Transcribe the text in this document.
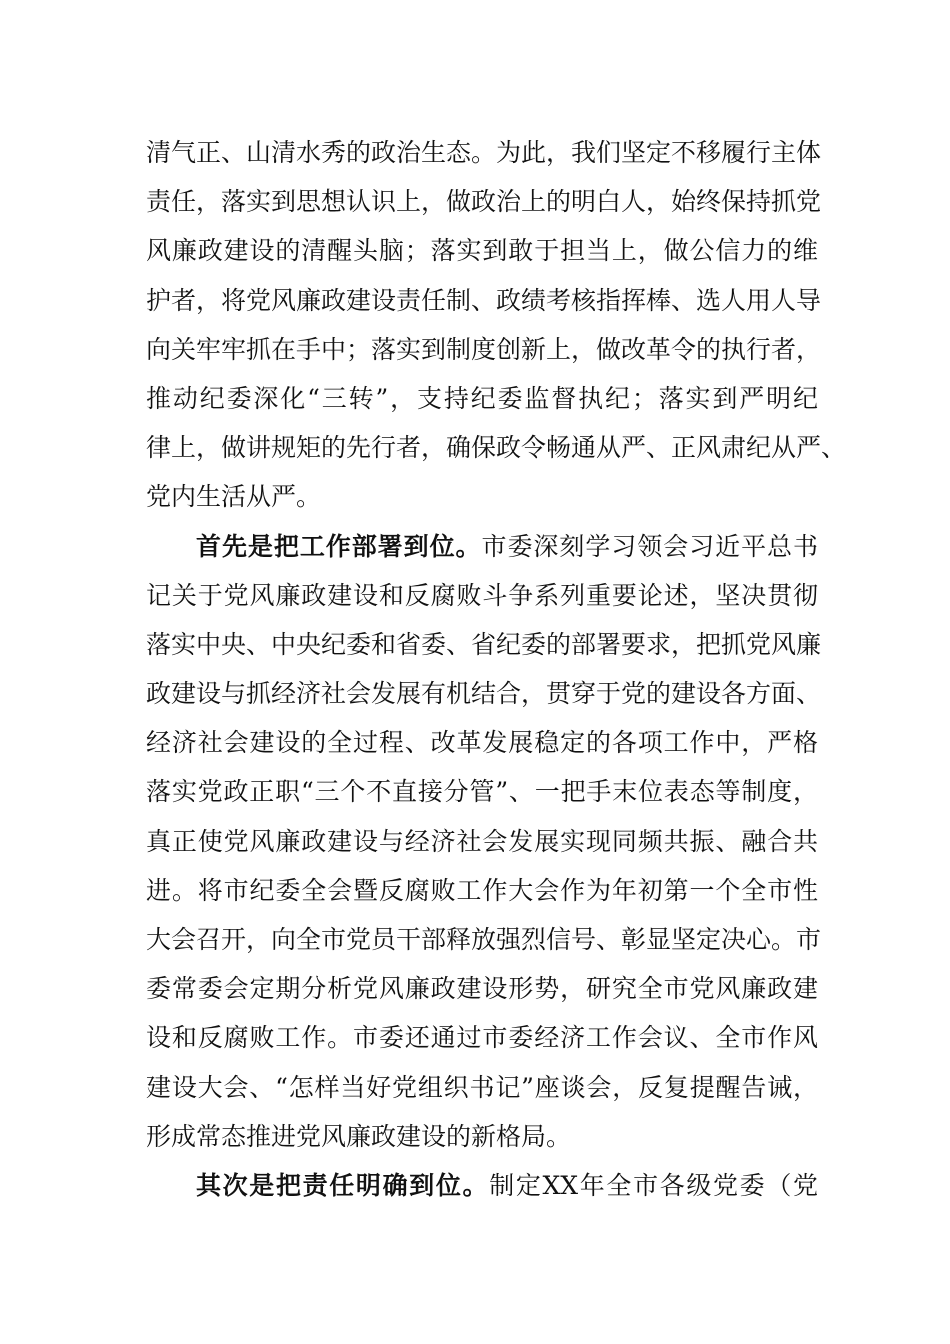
清气正、山清水秀的政治生态。为此，我们坚定不移履行主体
责任，落实到思想认识上，做政治上的明白人，始终保持抓党
风廉政建设的清醒头脑；落实到敢于担当上，做公信力的维
护者，将党风廉政建设责任制、政绩考核指挥棒、选人用人导
向关牢牢抓在手中；落实到制度创新上，做改革令的执行者，
推动纪委深化“三转”，支持纪委监督执纪；落实到严明纪
律上，做讲规矩的先行者，确保政令畅通从严、正风肃纪从严、
党内生活从严。
首先是把工作部署到位。市委深刻学习领会习近平总书
记关于党风廉政建设和反腐败斗争系列重要论述，坚决贯彻
落实中央、中央纪委和省委、省纪委的部署要求，把抓党风廉
政建设与抓经济社会发展有机结合，贯穿于党的建设各方面、
经济社会建设的全过程、改革发展稳定的各项工作中，严格
落实党政正职“三个不直接分管”、一把手末位表态等制度，
真正使党风廉政建设与经济社会发展实现同频共振、融合共
进。将市纪委全会暨反腐败工作大会作为年初第一个全市性
大会召开，向全市党员干部释放强烈信号、彰显坚定决心。市
委常委会定期分析党风廉政建设形势，研究全市党风廉政建
设和反腐败工作。市委还通过市委经济工作会议、全市作风
建设大会、“怎样当好党组织书记”座谈会，反复提醒告诫，
形成常态推进党风廉政建设的新格局。
其次是把责任明确到位。制定XX年全市各级党委（党
